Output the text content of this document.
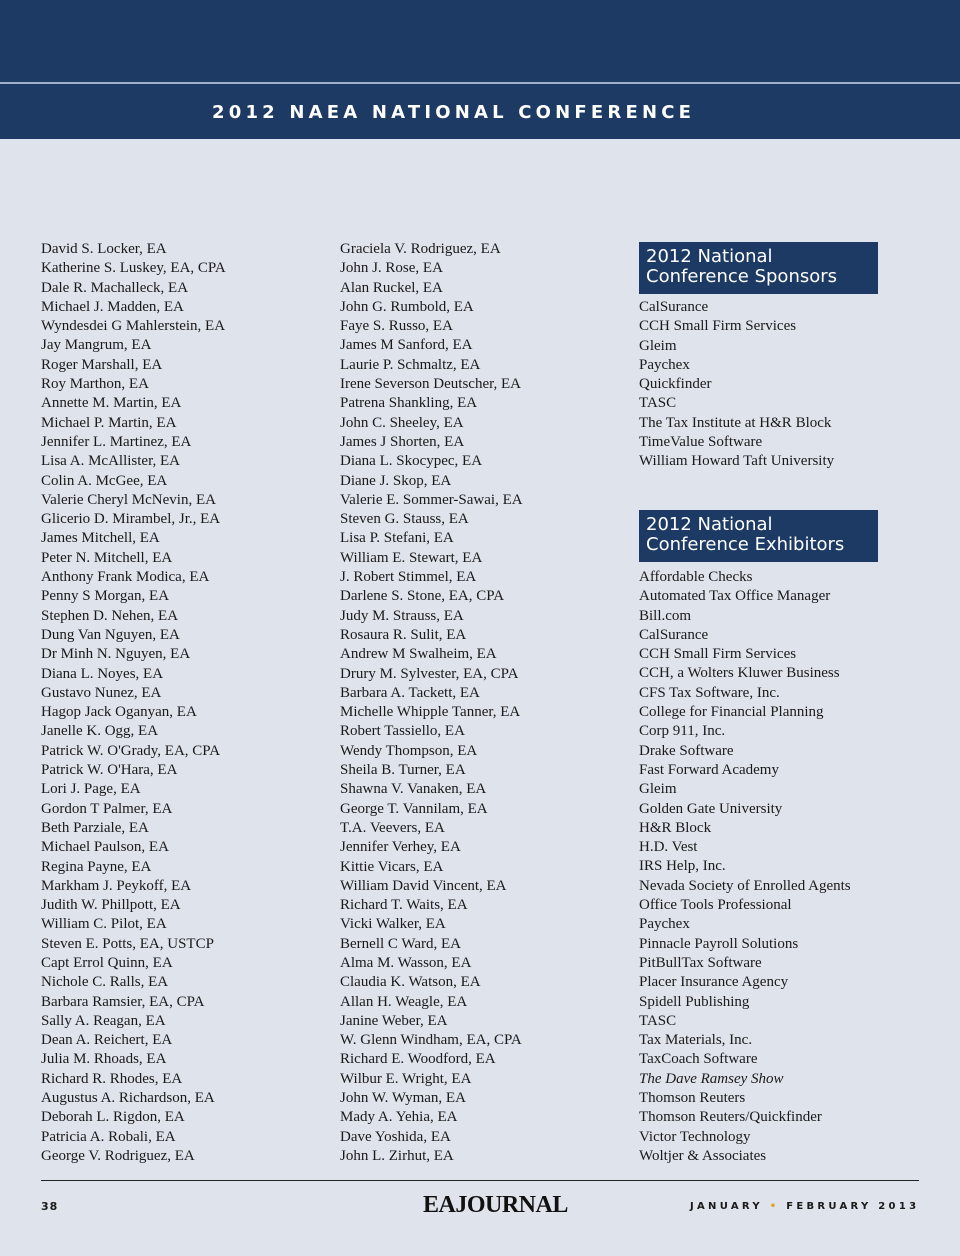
2012 NAEA NATIONAL CONFERENCE
David S. Locker, EA
Katherine S. Luskey, EA, CPA
Dale R. Machalleck, EA
Michael J. Madden, EA
Wyndesdei G Mahlerstein, EA
Jay Mangrum, EA
Roger Marshall, EA
Roy Marthon, EA
Annette M. Martin, EA
Michael P. Martin, EA
Jennifer L. Martinez, EA
Lisa A. McAllister, EA
Colin A. McGee, EA
Valerie Cheryl McNevin, EA
Glicerio D. Mirambel, Jr., EA
James Mitchell, EA
Peter N. Mitchell, EA
Anthony Frank Modica, EA
Penny S Morgan, EA
Stephen D. Nehen, EA
Dung Van Nguyen, EA
Dr Minh N. Nguyen, EA
Diana L. Noyes, EA
Gustavo Nunez, EA
Hagop Jack Oganyan, EA
Janelle K. Ogg, EA
Patrick W. O'Grady, EA, CPA
Patrick W. O'Hara, EA
Lori J. Page, EA
Gordon T Palmer, EA
Beth Parziale, EA
Michael Paulson, EA
Regina Payne, EA
Markham J. Peykoff, EA
Judith W. Phillpott, EA
William C. Pilot, EA
Steven E. Potts, EA, USTCP
Capt Errol Quinn, EA
Nichole C. Ralls, EA
Barbara Ramsier, EA, CPA
Sally A. Reagan, EA
Dean A. Reichert, EA
Julia M. Rhoads, EA
Richard R. Rhodes, EA
Augustus A. Richardson, EA
Deborah L. Rigdon, EA
Patricia A. Robali, EA
George V. Rodriguez, EA
Graciela V. Rodriguez, EA
John J. Rose, EA
Alan Ruckel, EA
John G. Rumbold, EA
Faye S. Russo, EA
James M Sanford, EA
Laurie P. Schmaltz, EA
Irene Severson Deutscher, EA
Patrena Shankling, EA
John C. Sheeley, EA
James J Shorten, EA
Diana L. Skocypec, EA
Diane J. Skop, EA
Valerie E. Sommer-Sawai, EA
Steven G. Stauss, EA
Lisa P. Stefani, EA
William E. Stewart, EA
J. Robert Stimmel, EA
Darlene S. Stone, EA, CPA
Judy M. Strauss, EA
Rosaura R. Sulit, EA
Andrew M Swalheim, EA
Drury M. Sylvester, EA, CPA
Barbara A. Tackett, EA
Michelle Whipple Tanner, EA
Robert Tassiello, EA
Wendy Thompson, EA
Sheila B. Turner, EA
Shawna V. Vanaken, EA
George T. Vannilam, EA
T.A. Veevers, EA
Jennifer Verhey, EA
Kittie Vicars, EA
William David Vincent, EA
Richard T. Waits, EA
Vicki Walker, EA
Bernell C Ward, EA
Alma M. Wasson, EA
Claudia K. Watson, EA
Allan H. Weagle, EA
Janine Weber, EA
W. Glenn Windham, EA, CPA
Richard E. Woodford, EA
Wilbur E. Wright, EA
John W. Wyman, EA
Mady A. Yehia, EA
Dave Yoshida, EA
John L. Zirhut, EA
2012 National
Conference Sponsors
CalSurance
CCH Small Firm Services
Gleim
Paychex
Quickfinder
TASC
The Tax Institute at H&R Block
TimeValue Software
William Howard Taft University
2012 National
Conference Exhibitors
Affordable Checks
Automated Tax Office Manager
Bill.com
CalSurance
CCH Small Firm Services
CCH, a Wolters Kluwer Business
CFS Tax Software, Inc.
College for Financial Planning
Corp 911, Inc.
Drake Software
Fast Forward Academy
Gleim
Golden Gate University
H&R Block
H.D. Vest
IRS Help, Inc.
Nevada Society of Enrolled Agents
Office Tools Professional
Paychex
Pinnacle Payroll Solutions
PitBullTax Software
Placer Insurance Agency
Spidell Publishing
TASC
Tax Materials, Inc.
TaxCoach Software
The Dave Ramsey Show
Thomson Reuters
Thomson Reuters/Quickfinder
Victor Technology
Woltjer & Associates
38	EAJOURNAL	JANUARY • FEBRUARY 2013
